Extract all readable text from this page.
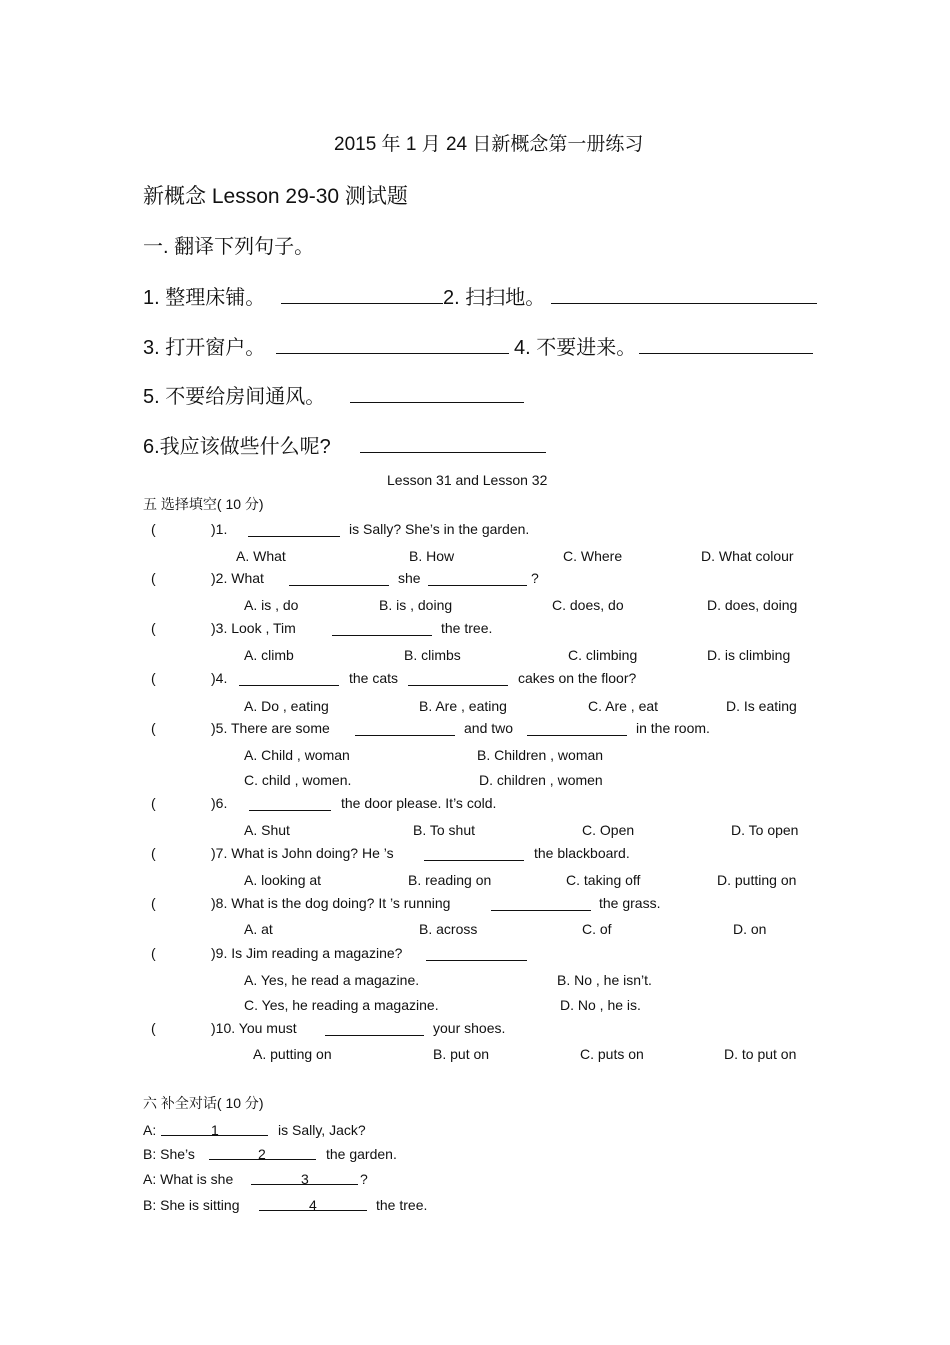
2015 年 1 月 24 日新概念第一册练习
新概念 Lesson 29-30 测试题
一. 翻译下列句子。
1. 整理床铺。	2. 扫扫地。
3. 打开窗户。	4. 不要进来。
5. 不要给房间通风。
6.我应该做些什么呢?
Lesson 31 and Lesson 32
五 选择填空( 10 分)
(	)1.	is Sally? She’s in the garden.
A. What	B. How	C. Where	D. What colour
(	)2. What	she	?
A. is , do	B. is , doing	C. does, do	D. does, doing
(	)3. Look , Tim	the tree.
A. climb	B. climbs	C. climbing	D. is climbing
(	)4.	the cats	cakes on the floor?
A. Do , eating	B. Are , eating	C. Are , eat	D. Is eating
(	)5. There are some	and two	in the room.
A. Child , woman	B. Children , woman
C. child , women.	D. children , women
(	)6.	the door please. It’s cold.
A. Shut	B. To shut	C. Open	D. To open
(	)7. What is John doing? He ’s	the blackboard.
A. looking at	B. reading on	C. taking off	D. putting on
(	)8. What is the dog doing? It ’s running	the grass.
A. at	B. across	C. of	D. on
(	)9. Is Jim reading a magazine?
A. Yes, he read a magazine.	B. No , he isn’t.
C. Yes, he reading a magazine.	D. No , he is.
(	)10. You must	your shoes.
A. putting on	B. put on	C. puts on	D. to put on
六 补全对话( 10 分)
A:	1	is Sally, Jack?
B: She’s	2	the garden.
A: What is she	3	?
B: She is sitting	4	the tree.
